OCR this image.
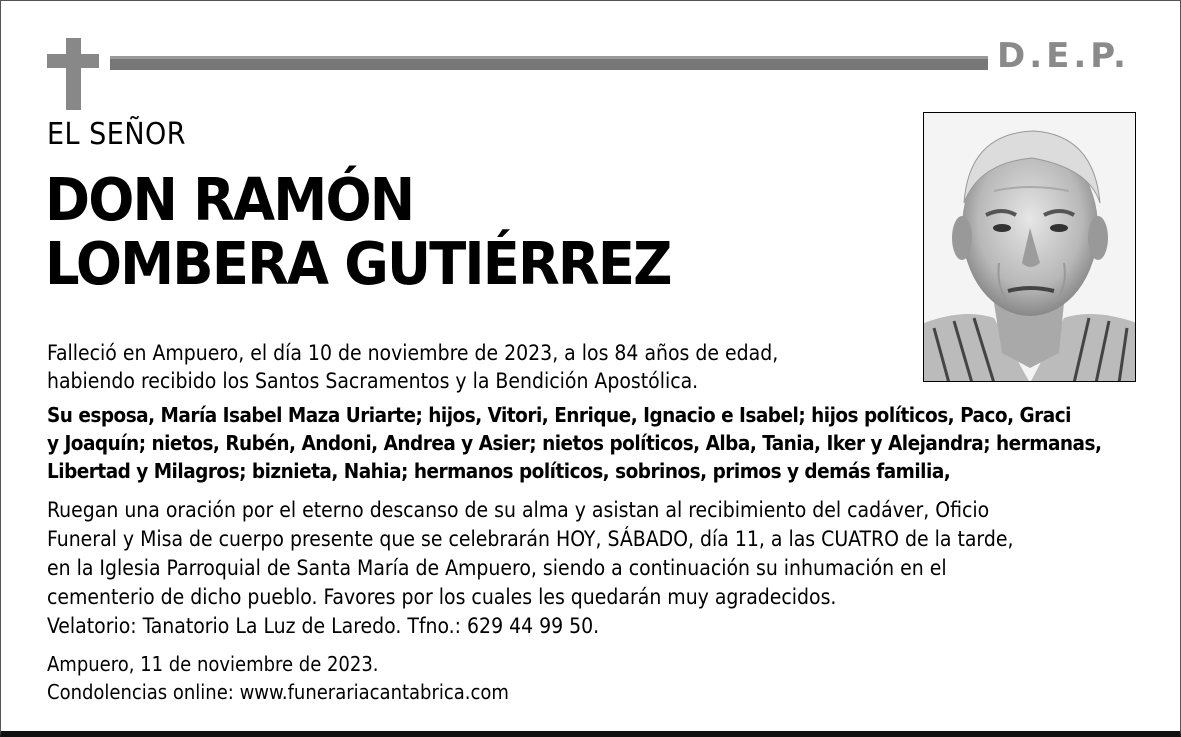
D.E.P.
EL SEÑOR
DON RAMÓN
LOMBERA GUTIÉRREZ
Falleció en Ampuero, el día 10 de noviembre de 2023, a los 84 años de edad,
habiendo recibido los Santos Sacramentos y la Bendición Apostólica.
Su esposa, María Isabel Maza Uriarte; hijos, Vitori, Enrique, Ignacio e Isabel; hijos políticos, Paco, Graci
y Joaquín; nietos, Rubén, Andoni, Andrea y Asier; nietos políticos, Alba, Tania, Iker y Alejandra; hermanas,
Libertad y Milagros; biznieta, Nahia; hermanos políticos, sobrinos, primos y demás familia,
Ruegan una oración por el eterno descanso de su alma y asistan al recibimiento del cadáver, Oficio
Funeral y Misa de cuerpo presente que se celebrarán HOY, SÁBADO, día 11, a las CUATRO de la tarde,
en la Iglesia Parroquial de Santa María de Ampuero, siendo a continuación su inhumación en el
cementerio de dicho pueblo. Favores por los cuales les quedarán muy agradecidos.
Velatorio: Tanatorio La Luz de Laredo. Tfno.: 629 44 99 50.
Ampuero, 11 de noviembre de 2023.
Condolencias online: www.funerariacantabrica.com
